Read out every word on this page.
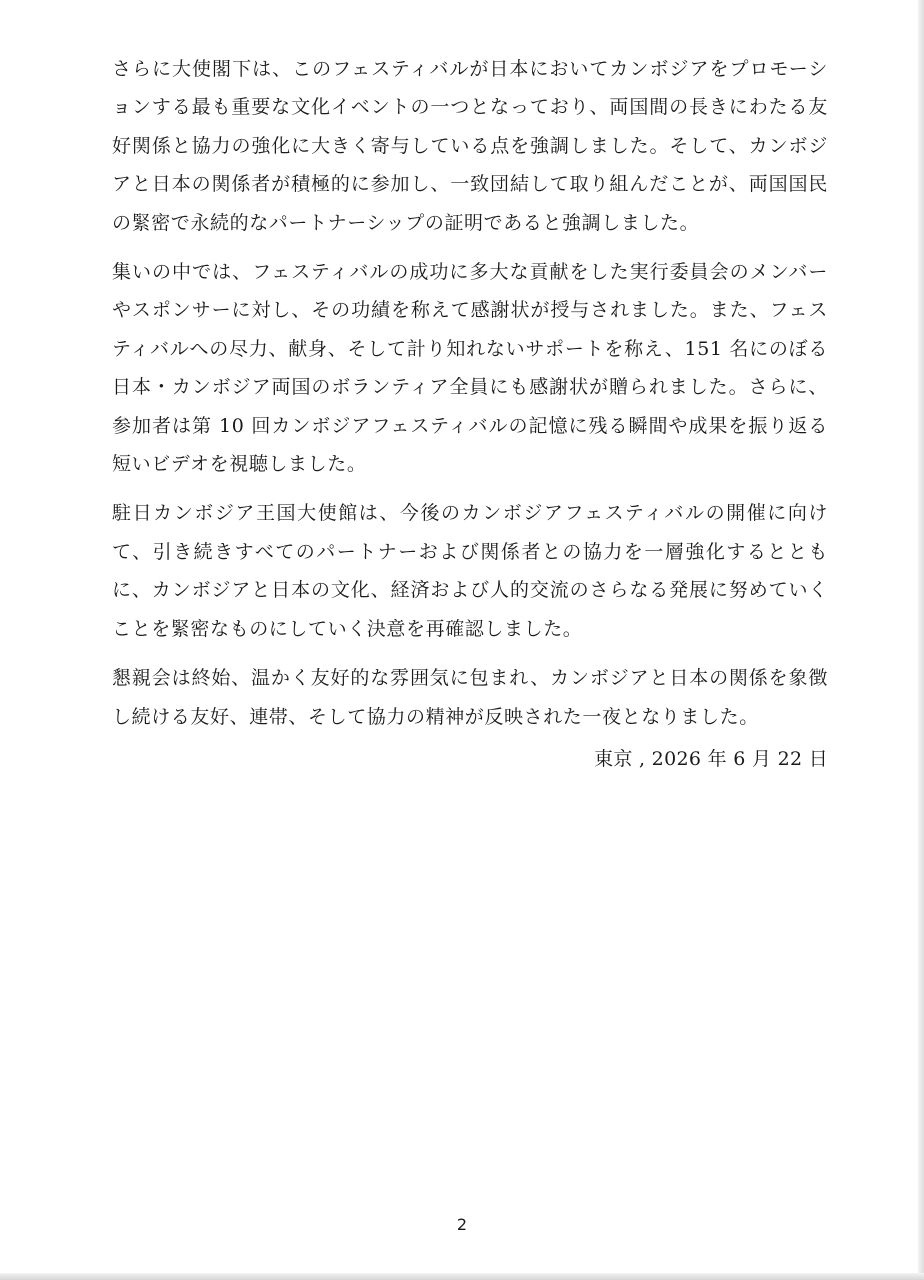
さらに大使閣下は、このフェスティバルが日本においてカンボジアをプロモーションする最も重要な文化イベントの一つとなっており、両国間の長きにわたる友好関係と協力の強化に大きく寄与している点を強調しました。そして、カンボジアと日本の関係者が積極的に参加し、一致団結して取り組んだことが、両国国民の緊密で永続的なパートナーシップの証明であると強調しました。

集いの中では、フェスティバルの成功に多大な貢献をした実行委員会のメンバーやスポンサーに対し、その功績を称えて感謝状が授与されました。また、フェスティバルへの尽力、献身、そして計り知れないサポートを称え、151 名にのぼる日本・カンボジア両国のボランティア全員にも感謝状が贈られました。さらに、参加者は第 10 回カンボジアフェスティバルの記憶に残る瞬間や成果を振り返る短いビデオを視聴しました。

駐日カンボジア王国大使館は、今後のカンボジアフェスティバルの開催に向けて、引き続きすべてのパートナーおよび関係者との協力を一層強化するとともに、カンボジアと日本の文化、経済および人的交流のさらなる発展に努めていくことを緊密なものにしていく決意を再確認しました。

懇親会は終始、温かく友好的な雰囲気に包まれ、カンボジアと日本の関係を象徴し続ける友好、連帯、そして協力の精神が反映された一夜となりました。

東京 , 2026 年 6 月 22 日

2
